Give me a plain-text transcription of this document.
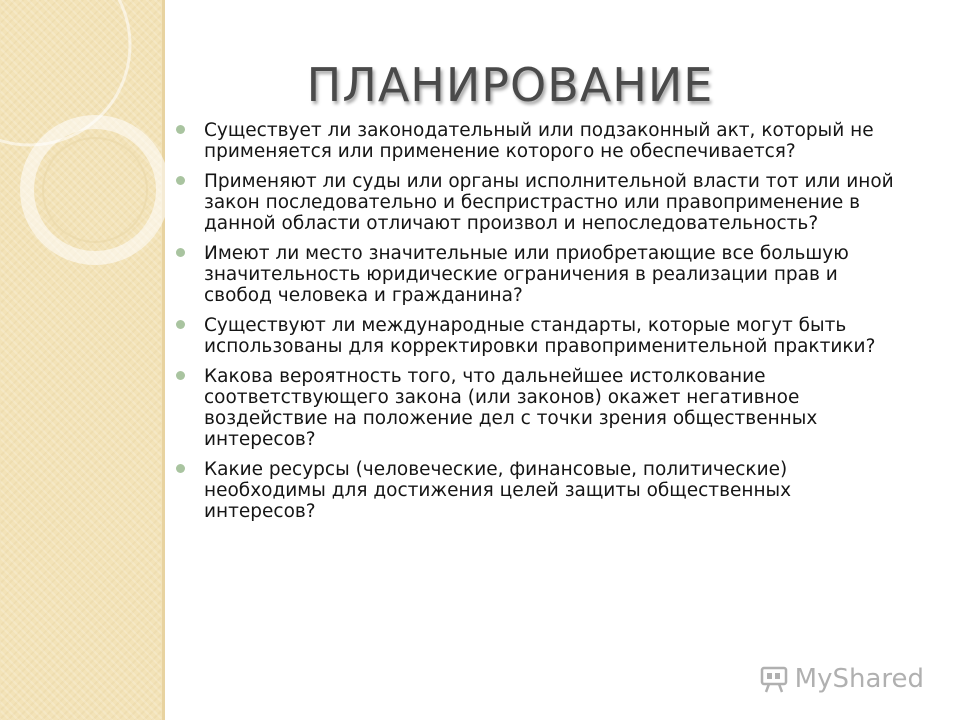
ПЛАНИРОВАНИЕ
Существует ли законодательный или подзаконный акт, который не применяется или применение которого не обеспечивается?
Применяют ли суды или органы исполнительной власти тот или иной закон последовательно и беспристрастно или правоприменение в данной области отличают произвол и непоследовательность?
Имеют ли место значительные или приобретающие все большую значительность юридические ограничения в реализации прав и свобод человека и гражданина?
Существуют ли международные стандарты, которые могут быть использованы для корректировки правоприменительной практики?
Какова вероятность того, что дальнейшее истолкование соответствующего закона (или законов) окажет негативное воздействие на положение дел с точки зрения общественных интересов?
Какие ресурсы (человеческие, финансовые, политические) необходимы для достижения целей защиты общественных интересов?
MyShared
